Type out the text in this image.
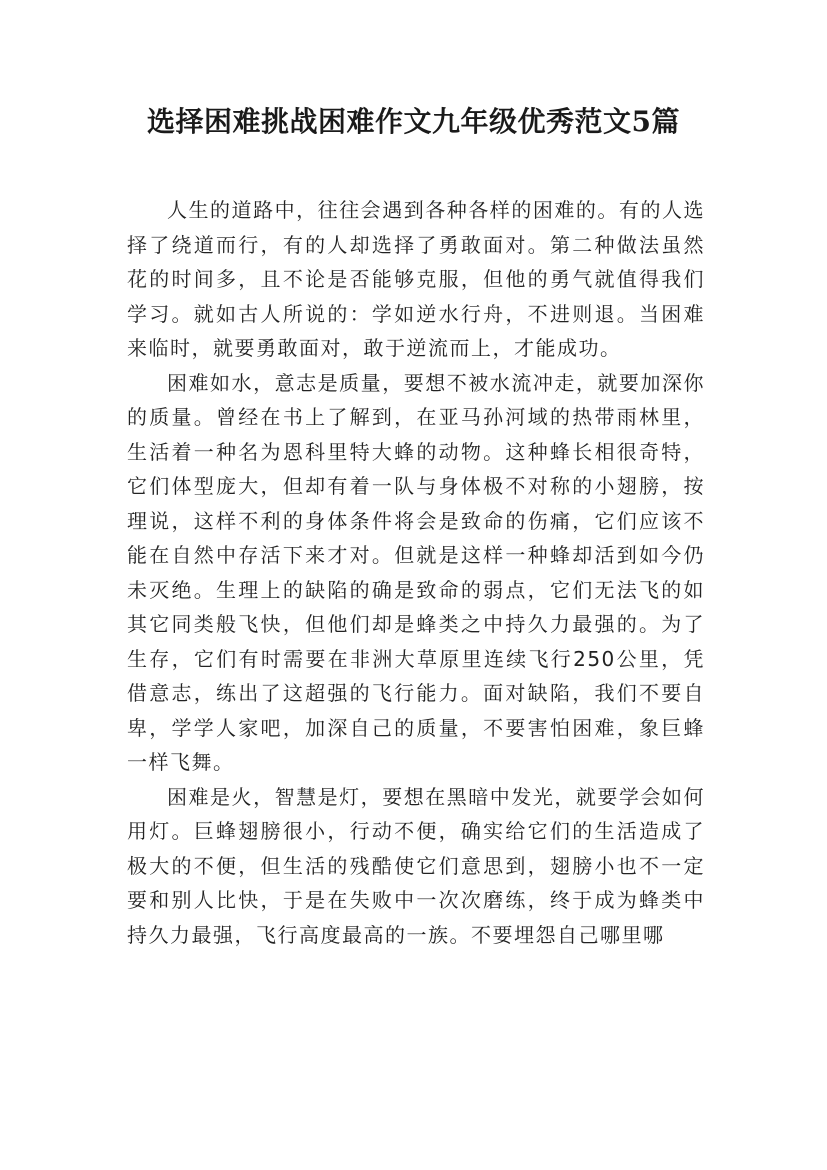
选择困难挑战困难作文九年级优秀范文5篇

人生的道路中，往往会遇到各种各样的困难的。有的人选择了绕道而行，有的人却选择了勇敢面对。第二种做法虽然花的时间多，且不论是否能够克服，但他的勇气就值得我们学习。就如古人所说的：学如逆水行舟，不进则退。当困难来临时，就要勇敢面对，敢于逆流而上，才能成功。

困难如水，意志是质量，要想不被水流冲走，就要加深你的质量。曾经在书上了解到，在亚马孙河域的热带雨林里，生活着一种名为恩科里特大蜂的动物。这种蜂长相很奇特，它们体型庞大，但却有着一队与身体极不对称的小翅膀，按理说，这样不利的身体条件将会是致命的伤痛，它们应该不能在自然中存活下来才对。但就是这样一种蜂却活到如今仍未灭绝。生理上的缺陷的确是致命的弱点，它们无法飞的如其它同类般飞快，但他们却是蜂类之中持久力最强的。为了生存，它们有时需要在非洲大草原里连续飞行250公里，凭借意志，练出了这超强的飞行能力。面对缺陷，我们不要自卑，学学人家吧，加深自己的质量，不要害怕困难，象巨蜂一样飞舞。

困难是火，智慧是灯，要想在黑暗中发光，就要学会如何用灯。巨蜂翅膀很小，行动不便，确实给它们的生活造成了极大的不便，但生活的残酷使它们意思到，翅膀小也不一定要和别人比快，于是在失败中一次次磨练，终于成为蜂类中持久力最强，飞行高度最高的一族。不要埋怨自己哪里哪
